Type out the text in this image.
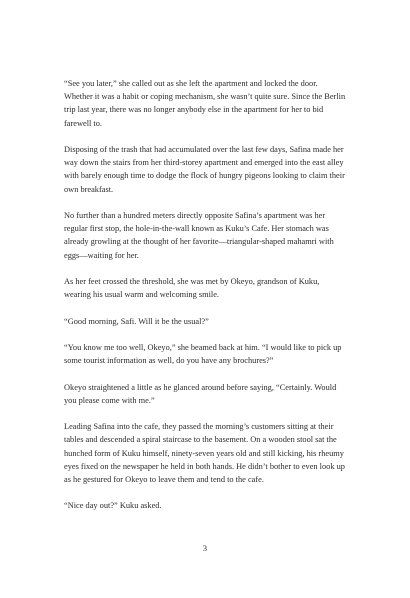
“See you later,” she called out as she left the apartment and locked the door. Whether it was a habit or coping mechanism, she wasn’t quite sure. Since the Berlin trip last year, there was no longer anybody else in the apartment for her to bid farewell to.

Disposing of the trash that had accumulated over the last few days, Safina made her way down the stairs from her third-storey apartment and emerged into the east alley with barely enough time to dodge the flock of hungry pigeons looking to claim their own breakfast.

No further than a hundred meters directly opposite Safina’s apartment was her regular first stop, the hole-in-the-wall known as Kuku’s Cafe. Her stomach was already growling at the thought of her favorite—triangular-shaped mahamri with eggs—waiting for her.

As her feet crossed the threshold, she was met by Okeyo, grandson of Kuku, wearing his usual warm and welcoming smile.

“Good morning, Safi. Will it be the usual?”

“You know me too well, Okeyo,” she beamed back at him. “I would like to pick up some tourist information as well, do you have any brochures?”

Okeyo straightened a little as he glanced around before saying, “Certainly. Would you please come with me.”

Leading Safina into the cafe, they passed the morning’s customers sitting at their tables and descended a spiral staircase to the basement. On a wooden stool sat the hunched form of Kuku himself, ninety-seven years old and still kicking, his rheumy eyes fixed on the newspaper he held in both hands. He didn’t bother to even look up as he gestured for Okeyo to leave them and tend to the cafe.

“Nice day out?” Kuku asked.

3
